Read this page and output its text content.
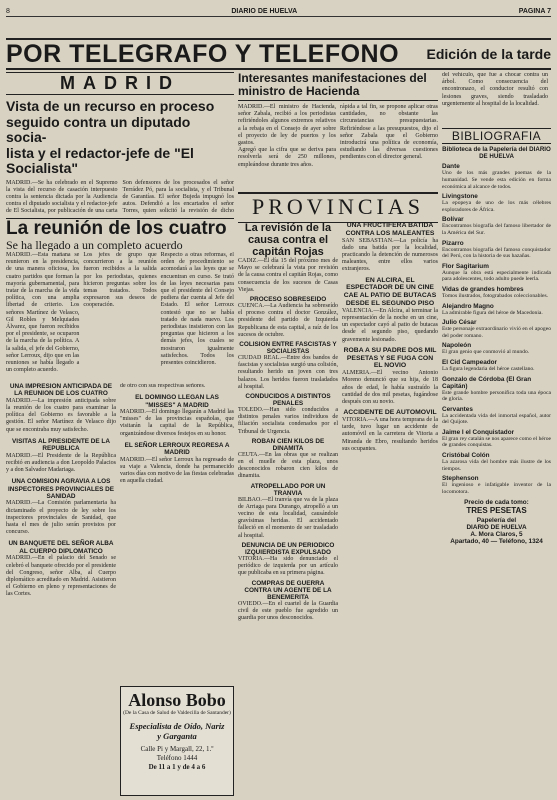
8	DIARIO DE HUELVA	PAGINA 7
POR TELEGRAFO Y TELEFONO Edición de la tarde
MADRID
Vista de un recurso en proceso seguido contra un diputado socia-
lista y el redactor-jefe de "El Socialista"
MADRID.—Se ha celebrado en el Supremo la vista del recurso de casación interpuesto contra la sentencia dictada por la Audiencia contra el diputado socialista y el redactor-jefe de El Socialista, por publicación de una carta
Son defensores de los procesados el señor Terrádez Pó, para la socialista, y el Tribunal de Garantías. El señor Bujeda impugnó los autos. Defendió a los encartados el señor Torres, quien solicitó la revisión de dicho
La reunión de los cuatro
Se ha llegado a un completo acuerdo
MADRID.—Esta mañana se reunieron en la presidencia, de una manera oficiosa, los cuatro partidos que forman la mayoría gubernamental, para tratar de la marcha de la vida política, con una amplia libertad de criterio. Los señores Martínez de Velasco, Gil Robles y Melquiades Álvarez, que fueron recibidos por el presidente, se ocuparon de la marcha de la política. A la salida, el jefe del Gobierno, señor Lerroux, dijo que en las reuniones se había llegado a un completo acuerdo.
Los jefes de grupo que concurrieron a la reunión fueron recibidos a la salida por los periodistas, quienes hicieron preguntas sobre los temas tratados. Todos expresaron sus deseos de cooperación.
Respecto a otras reformas, el orden de procedimiento se acomodará a las leyes que se encuentran en curso. Se trató de las leyes necesarias para que el presidente del Consejo pudiera dar cuenta al Jefe del Estado. El señor Lerroux contestó que no se había tratado de nada nuevo. Los periodistas insistieron con las preguntas que hicieron a los demás jefes, los cuales se mostraron igualmente satisfechos. Todos los presentes coincidieron.
UNA IMPRESION ANTICIPADA DE LA REUNION DE LOS CUATRO
MADRID.—La impresión anticipada sobre la reunión de los cuatro para examinar la política del Gobierno es favorable a la gestión. El señor Martínez de Velasco dijo que se encontraba muy satisfecho.
VISITAS AL PRESIDENTE DE LA REPUBLICA
MADRID.—El Presidente de la República recibió en audiencia a don Leopoldo Palacios y a don Salvador Madariaga.
UNA COMISION AGRAVIA A LOS INSPECTORES PROVINCIALES DE SANIDAD
MADRID.—La Comisión parlamentaria ha dictaminado el proyecto de ley sobre los inspectores provinciales de Sanidad, que hasta el mes de julio serán provistos por concurso.
UN BANQUETE DEL SEÑOR ALBA AL CUERPO DIPLOMATICO
MADRID.—En el palacio del Senado se celebró el banquete ofrecido por el presidente del Congreso, señor Alba, al Cuerpo diplomático acreditado en Madrid. Asistieron el Gobierno en pleno y representaciones de las Cortes.
de otro con sus respectivas señores.
EL DOMINGO LLEGAN LAS "MISSES" A MADRID
MADRID.—El domingo llegarán a Madrid las "misses" de las provincias españolas, que visitarán la capital de la República, organizándose diversos festejos en su honor.
EL SEÑOR LERROUX REGRESA A MADRID
MADRID.—El señor Lerroux ha regresado de su viaje a Valencia, donde ha permanecido varios días con motivo de las fiestas celebradas en aquella ciudad.
Alonso Bobo
(De la Casa de Salud de Valdecilla de Santander)
Especialista de Oído, Nariz
y Garganta
Calle Pi y Margall, 22, 1.º
Teléfono 1444
De 11 a 1 y de 4 a 6
Interesantes manifestaciones del ministro de Hacienda
MADRID.—El ministro de Hacienda, señor Zabala, recibió a los periodistas refiriéndoles algunos extremos relativos a la rebaja en el Consejo de ayer sobre el proyecto de ley de puertos y los gastos.
Agregó que la cifra que se deriva para resolverla será de 250 millones, empleándose durante tres años.
rápida a tal fin, se propone aplicar otras cantidades, no obstante las circunstancias presupuestarias. Refiriéndose a las presupuestos, dijo el señor Zabala que el Gobierno introducirá una política de economía, estudiando las diversas cuestiones pendientes con el director general.
del vehículo, que fue a chocar contra un árbol. Como consecuencia del encontronazo, el conductor resultó con lesiones graves, siendo trasladado urgentemente al hospital de la localidad.
PROVINCIAS
La revisión de la causa contra el capitán Rojas
CADIZ.—El día 15 del próximo mes de Mayo se celebrará la vista por revisión de la causa contra el capitán Rojas, como consecuencia de los sucesos de Casas Viejas.
PROCESO SOBRESEIDO
CUENCA.—La Audiencia ha sobreseído el proceso contra el doctor González, presidente del partido de Izquierda Republicana de esta capital, a raíz de los sucesos de octubre.
COLISION ENTRE FASCISTAS Y SOCIALISTAS
CIUDAD REAL.—Entre dos bandos de fascistas y socialistas surgió una colisión, resultando herido un joven con tres balazos. Los heridos fueron trasladados al hospital.
CONDUCIDOS A DISTINTOS PENALES
TOLEDO.—Han sido conducidos a distintos penales varios individuos de filiación socialista condenados por el Tribunal de Urgencia.
ROBAN CIEN KILOS DE DINAMITA
CEUTA.—En las obras que se realizan en el muelle de esta plaza, unos desconocidos robaron cien kilos de dinamita.
ATROPELLADO POR UN TRANVIA
BILBAO.—El tranvía que va de la plaza de Arriaga para Durango, atropelló a un vecino de esta localidad, causándole gravísimas heridas. El accidentado falleció en el momento de ser trasladado al hospital.
DENUNCIA DE UN PERIODICO IZQUIERDISTA EXPULSADO
VITORIA.—Ha sido denunciado el periódico de izquierda por un artículo que publicaba en su primera página.
COMPRAS DE GUERRA CONTRA UN AGENTE DE LA BENEMERITA
OVIEDO.—En el cuartel de la Guardia civil de este pueblo fue agredido un guardia por unos desconocidos.
UNA FRUCTIFERA BATIDA CONTRA LOS MALEANTES
SAN SEBASTIAN.—La policía ha dado una batida por la localidad, practicando la detención de numerosos maleantes, entre ellos varios extranjeros.
EN ALCIRA, EL ESPECTADOR DE UN CINE CAE AL PATIO DE BUTACAS DESDE EL SEGUNDO PISO
VALENCIA.—En Alcira, al terminar la representación de la noche en un cine, un espectador cayó al patio de butacas desde el segundo piso, quedando gravemente lesionado.
ROBA A SU PADRE DOS MIL PESETAS Y SE FUGA CON EL NOVIO
ALMERIA.—El vecino Antonio Moreno denunció que su hija, de 18 años de edad, le había sustraído la cantidad de dos mil pesetas, fugándose después con su novio.
ACCIDENTE DE AUTOMOVIL
VITORIA.—A una hora temprana de la tarde, tuvo lugar un accidente de automóvil en la carretera de Vitoria a Miranda de Ebro, resultando heridos sus ocupantes.
BIBLIOGRAFIA
Biblioteca de la Papelería del DIARIO DE HUELVA
Dante
Uno de los más grandes poemas de la humanidad. Se vende esta edición en forma económica al alcance de todos.
Livingstone
La epopeya de uno de los más célebres exploradores de África.
Bolívar
Encontramos biografía del famoso libertador de la América del Sur.
Pizarro
Encontramos biografía del famoso conquistador del Perú, con la historia de sus hazañas.
Flor Sagitarium
Aunque la obra está especialmente indicada para adolescentes, todo adulto puede leerla.
Vidas de grandes hombres
Tomos ilustrados, fotograbados coleccionables.
Alejandro Magno
La admirable figura del héroe de Macedonia.
Julio César
Este personaje extraordinario vivió en el apogeo del poder romano.
Napoleón
El gran genio que conmovió al mundo.
El Cid Campeador
La figura legendaria del héroe castellano.
Gonzalo de Córdoba (El Gran Capitán)
Este grande hombre personifica toda una época de gloria.
Cervantes
La accidentada vida del inmortal español, autor del Quijote.
Jaime I el Conquistador
El gran rey catalán se nos aparece como el héroe de grandes conquistas.
Cristóbal Colón
La azarosa vida del hombre más ilustre de los tiempos.
Stephenson
El ingenioso e infatigable inventor de la locomotora.
Precio de cada tomo:
TRES PESETAS
Papelería del
DIARIO DE HUELVA
A. Mora Claros, 5
Apartado, 40 — Teléfono, 1324
